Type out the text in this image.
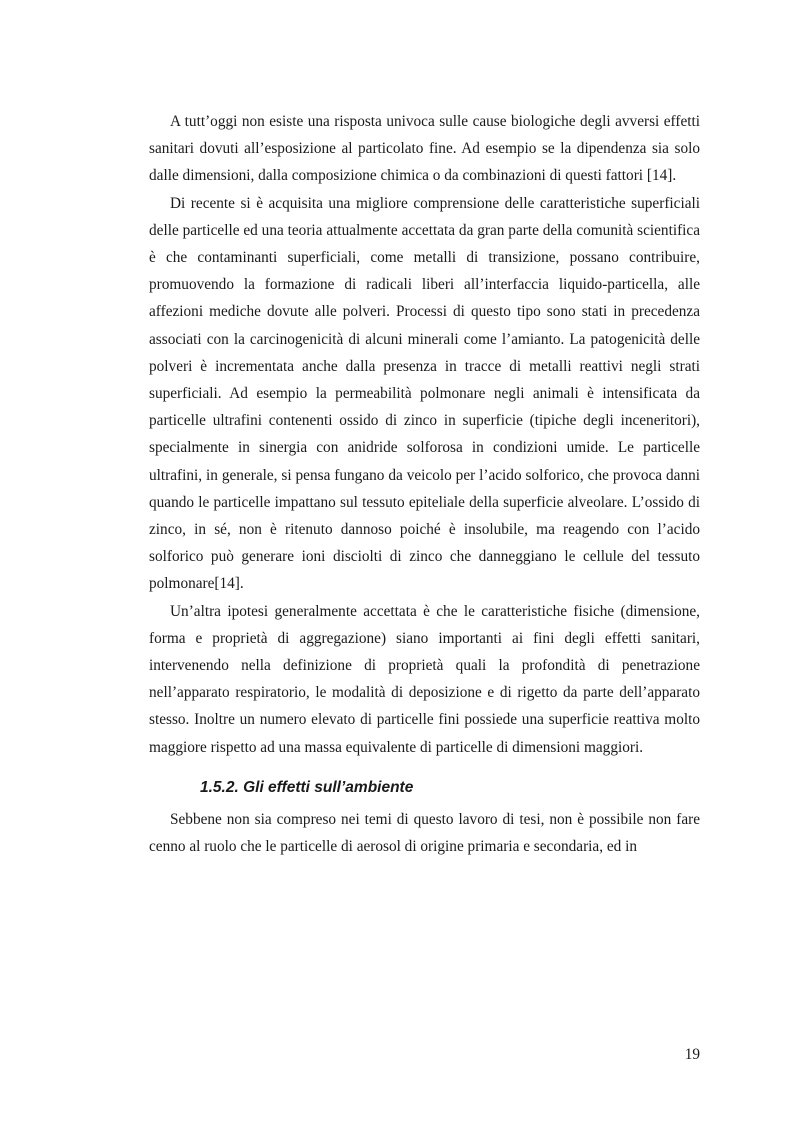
A tutt’oggi non esiste una risposta univoca sulle cause biologiche degli avversi effetti sanitari dovuti all’esposizione al particolato fine. Ad esempio se la dipendenza sia solo dalle dimensioni, dalla composizione chimica o da combinazioni di questi fattori [14].

Di recente si è acquisita una migliore comprensione delle caratteristiche superficiali delle particelle ed una teoria attualmente accettata da gran parte della comunità scientifica è che contaminanti superficiali, come metalli di transizione, possano contribuire, promuovendo la formazione di radicali liberi all’interfaccia liquido-particella, alle affezioni mediche dovute alle polveri. Processi di questo tipo sono stati in precedenza associati con la carcinogenicità di alcuni minerali come l’amianto. La patogenicità delle polveri è incrementata anche dalla presenza in tracce di metalli reattivi negli strati superficiali. Ad esempio la permeabilità polmonare negli animali è intensificata da particelle ultrafini contenenti ossido di zinco in superficie (tipiche degli inceneritori), specialmente in sinergia con anidride solforosa in condizioni umide. Le particelle ultrafini, in generale, si pensa fungano da veicolo per l’acido solforico, che provoca danni quando le particelle impattano sul tessuto epiteliale della superficie alveolare. L’ossido di zinco, in sé, non è ritenuto dannoso poiché è insolubile, ma reagendo con l’acido solforico può generare ioni disciolti di zinco che danneggiano le cellule del tessuto polmonare[14].

Un’altra ipotesi generalmente accettata è che le caratteristiche fisiche (dimensione, forma e proprietà di aggregazione) siano importanti ai fini degli effetti sanitari, intervenendo nella definizione di proprietà quali la profondità di penetrazione nell’apparato respiratorio, le modalità di deposizione e di rigetto da parte dell’apparato stesso. Inoltre un numero elevato di particelle fini possiede una superficie reattiva molto maggiore rispetto ad una massa equivalente di particelle di dimensioni maggiori.

1.5.2. Gli effetti sull’ambiente

Sebbene non sia compreso nei temi di questo lavoro di tesi, non è possibile non fare cenno al ruolo che le particelle di aerosol di origine primaria e secondaria, ed in

19
